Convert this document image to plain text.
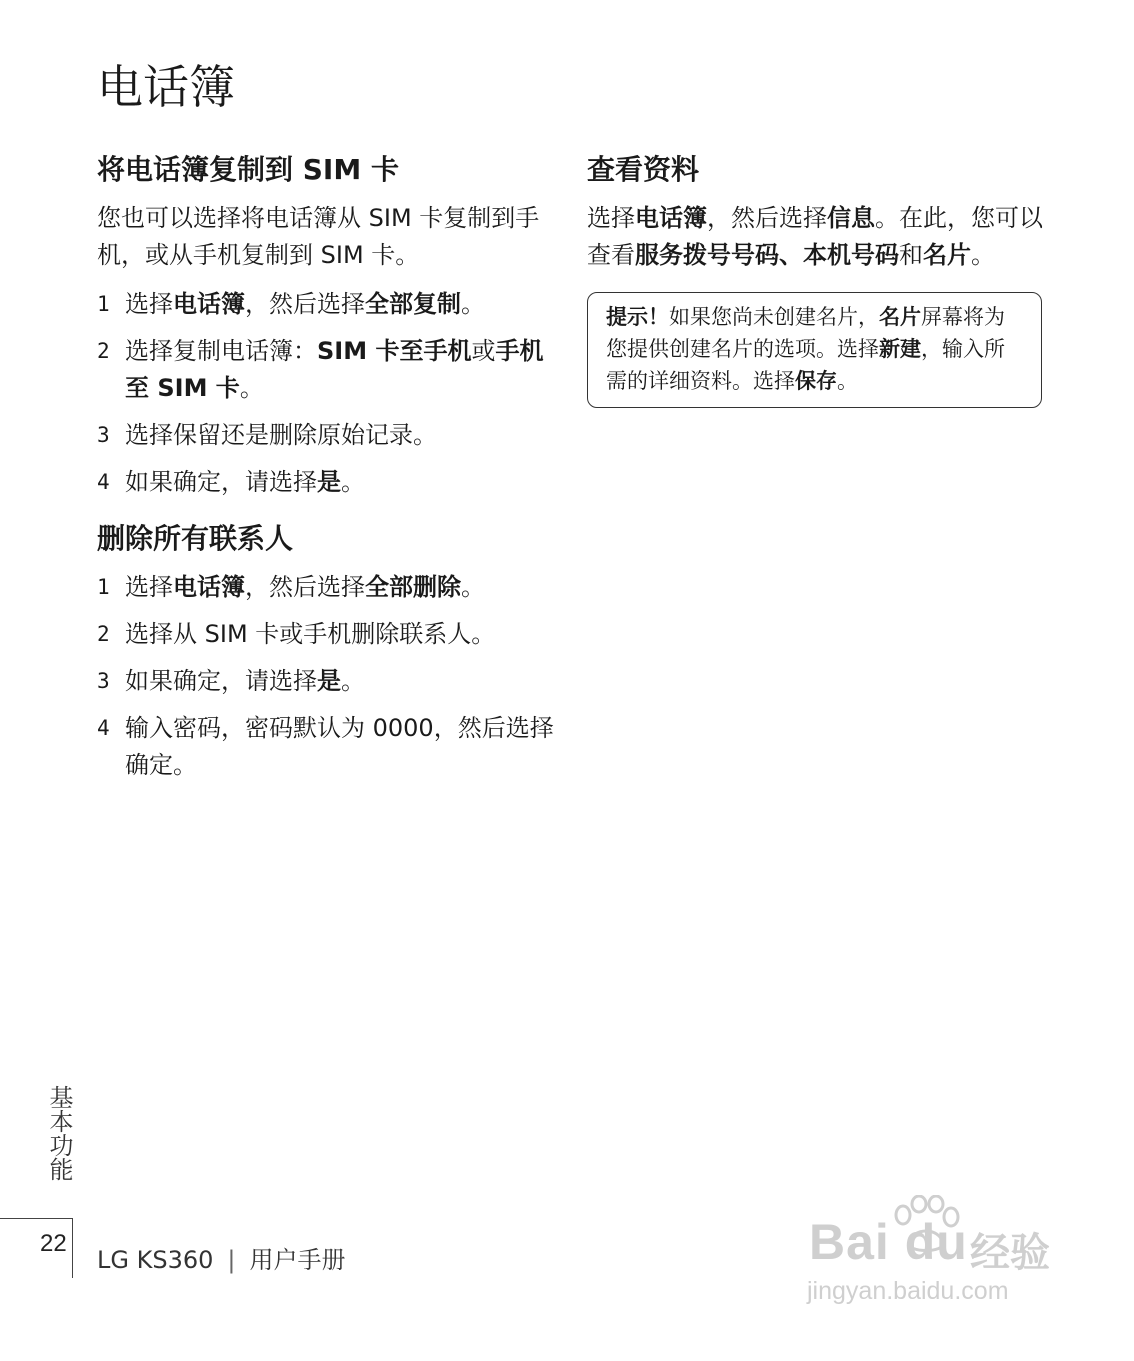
电话簿
将电话簿复制到 SIM 卡

您也可以选择将电话簿从 SIM 卡复制到手机，或从手机复制到 SIM 卡。

1 选择电话簿，然后选择全部复制。
2 选择复制电话簿：SIM 卡至手机或手机至 SIM 卡。
3 选择保留还是删除原始记录。
4 如果确定，请选择是。
删除所有联系人
1 选择电话簿，然后选择全部删除。
2 选择从 SIM 卡或手机删除联系人。
3 如果确定，请选择是。
4 输入密码，密码默认为 0000，然后选择确定。
查看资料

选择电话簿，然后选择信息。在此，您可以查看服务拨号号码、本机号码和名片。

提示！如果您尚未创建名片，名片屏幕将为您提供创建名片的选项。选择新建，输入所需的详细资料。选择保存。
基本功能
22
LG KS360 | 用户手册	Bai du 经验
jingyan.baidu.com
